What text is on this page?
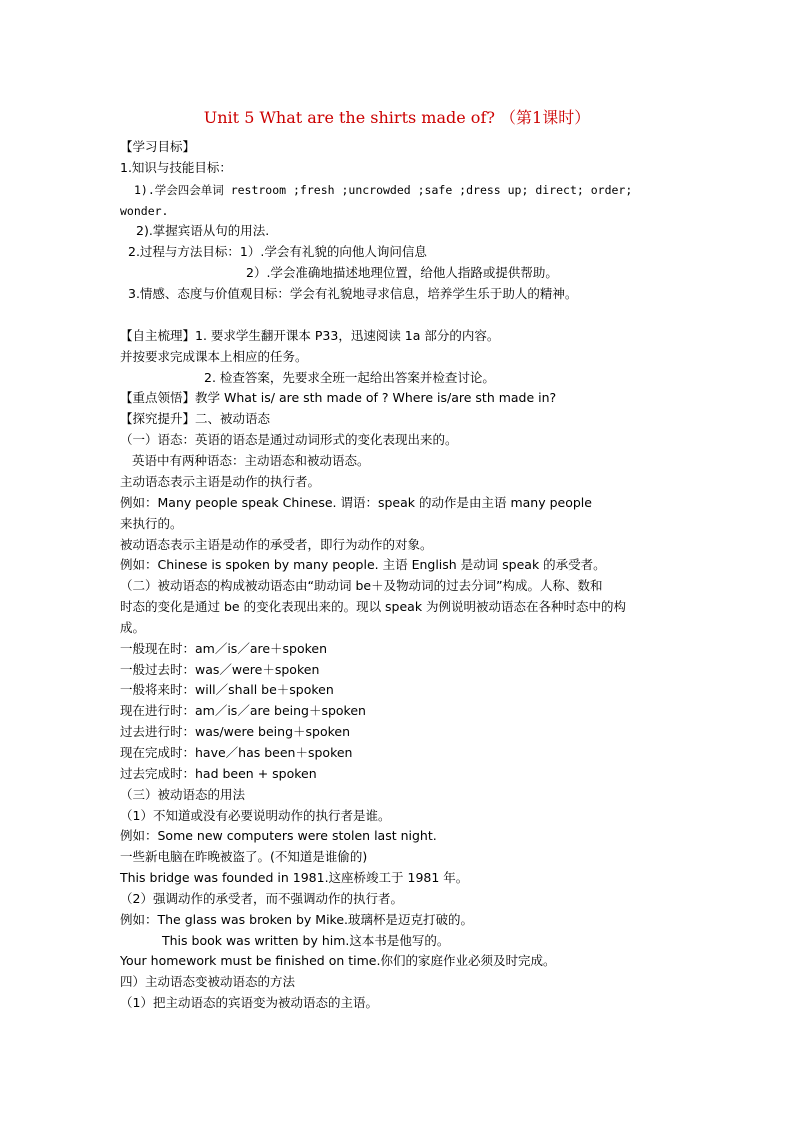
Unit 5 What are the shirts made of? （第1课时）
【学习目标】
1.知识与技能目标：
1).学会四会单词 restroom ;fresh ;uncrowded ;safe ;dress up; direct; order;
wonder.
2).掌握宾语从句的用法.
2.过程与方法目标：1）.学会有礼貌的向他人询问信息
2）.学会准确地描述地理位置，给他人指路或提供帮助。
3.情感、态度与价值观目标：学会有礼貌地寻求信息，培养学生乐于助人的精神。
【自主梳理】1. 要求学生翻开课本 P33，迅速阅读 1a 部分的内容。
并按要求完成课本上相应的任务。
2. 检查答案，先要求全班一起给出答案并检查讨论。
【重点领悟】教学 What is/ are sth made of ? Where is/are sth made in?
【探究提升】二、被动语态
（一）语态：英语的语态是通过动词形式的变化表现出来的。
英语中有两种语态：主动语态和被动语态。
主动语态表示主语是动作的执行者。
例如：Many people speak Chinese. 谓语：speak 的动作是由主语 many people
来执行的。
被动语态表示主语是动作的承受者，即行为动作的对象。
例如：Chinese is spoken by many people. 主语 English 是动词 speak 的承受者。
（二）被动语态的构成被动语态由“助动词 be＋及物动词的过去分词”构成。人称、数和
时态的变化是通过 be 的变化表现出来的。现以 speak 为例说明被动语态在各种时态中的构
成。
一般现在时：am／is／are＋spoken
一般过去时：was／were＋spoken
一般将来时：will／shall be＋spoken
现在进行时：am／is／are being＋spoken
过去进行时：was/were being＋spoken
现在完成时：have／has been＋spoken
过去完成时：had been + spoken
（三）被动语态的用法
（1）不知道或没有必要说明动作的执行者是谁。
例如：Some new computers were stolen last night.
一些新电脑在昨晚被盗了。(不知道是谁偷的)
This bridge was founded in 1981.这座桥竣工于 1981 年。
（2）强调动作的承受者，而不强调动作的执行者。
例如：The glass was broken by Mike.玻璃杯是迈克打破的。
This book was written by him.这本书是他写的。
Your homework must be finished on time.你们的家庭作业必须及时完成。
四）主动语态变被动语态的方法
（1）把主动语态的宾语变为被动语态的主语。
